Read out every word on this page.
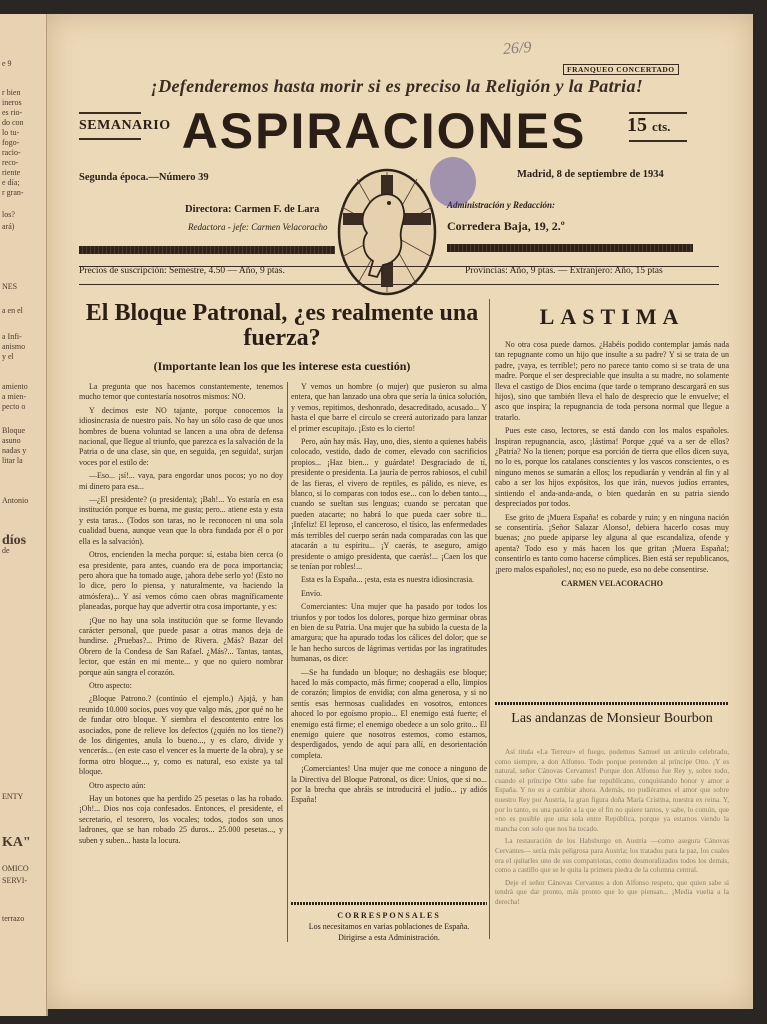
e 9
r bien
ineros
es rio-
do con
lo tu-
fogo-
racio-
reco-
riente
e día;
r gran-
los?
ará)
NES
a en el
a Infi-
anismo
y el
amiento
a mien-
pecto o
Bloque
asuno
nadas y
litar la
Antonio
díos
de
ENTY
KA"
OMICO
SERVI-
terrazo
26/9
FRANQUEO CONCERTADO
¡Defenderemos hasta morir si es preciso la Religión y la Patria!
SEMANARIO ASPIRACIONES	15 cts.
Segunda época.—Número 39	Madrid, 8 de septiembre de 1934
Directora: Carmen F. de Lara
Redactora - jefe: Carmen Velacoracho
Administración y Redacción:
Corredera Baja, 19, 2.º
Precios de suscripción: Semestre, 4.50 — Año, 9 ptas.	Provincias: Año, 9 ptas. — Extranjero: Año, 15 ptas
El Bloque Patronal, ¿es realmente una fuerza?
(Importante lean los que les interese esta cuestión)

La pregunta que nos hacemos constantemente, tenemos mucho temor que contestaría nosotros mismos: NO.

Y decimos este NO tajante, porque conocemos la idiosincrasia de nuestro país. No hay un sólo caso de que unos hombres de buena voluntad se lancen a una obra de defensa nacional, que llegue al triunfo, que parezca es la salvación de la Patria o de una clase, sin que, en seguida, ¡en seguida!, surjan voces por el estilo de:

—Eso... ¡sí!... vaya, para engordar unos pocos; yo no doy mi dinero para esa...

—¿El presidente? (o presidenta); ¡Bah!... Yo estaría en esa institución porque es buena, me gusta; pero... atiene esta y esta y esta taras... (Todos son taras, no le reconocen ni una sola cualidad buena, aunque vean que la obra fundada por él o por ella es la salvación).

Otros, encienden la mecha porque: sí, estaba bien cerca (o esa presidente, para antes, cuando era de poca importancia; pero ahora que ha tomado auge, ¡ahora debe serlo yo! (Esto no lo dice, pero lo piensa, y naturalmente, va haciendo la atmósfera)... Y así vemos cómo caen obras magníficamente planeadas, porque hay que advertir otra cosa importante, y es:

¡Que no hay una sola institución que se forme llevando carácter personal, que puede pasar a otras manos deja de hundirse. ¿Pruebas?... Primo de Rivera. ¿Más? Bazar del Obrero de la Condesa de San Rafael. ¿Más?... Tantas, tantas, lector, que están en mi mente... y que no quiero nombrar porque aún sangra el corazón.

Otro aspecto:

¿Bloque Patrono.? (continúo el ejemplo.) Ajajá, y han reunido 10.000 socios, pues voy que valgo más, ¿por qué no he de fundar otro bloque. Y siembra el descontento entre los asociados, pone de relieve los defectos (¿quién no los tiene?) de los dirigentes, anula lo bueno..., y es claro, divide y vencerás... (en este caso el vencer es la muerte de la obra), y se forma otro bloque..., y, como es natural, eso existe ya tal bloque.

Otro aspecto aún:

Hay un botones que ha perdido 25 pesetas o las ha robado. ¡Oh!... Dios nos coja confesados. Entonces, el presidente, el secretario, el tesorero, los vocales; todos, ¡todos son unos ladrones, que se han robado 25 duros... 25.000 pesetas..., y suben y suben... hasta la locura.

Y vemos un hombre (o mujer) que pusieron su alma entera, que han lanzado una obra que sería la única solución, y vemos, repitimos, deshonrado, desacreditado, acusado... Y hasta el que barre el circulo se creerá autorizado para lanzar el primer escupitajo. ¡Esto es lo cierto!

Pero, aún hay más. Hay, uno, dies, siento a quienes habéis colocado, vestido, dado de comer, elevado con sacrificios propios... ¡Haz bien... y guárdate! Desgraciado de tí, presidente o presidenta. La jauría de perros rabiosos, el cubil de las fieras, el vivero de reptiles, es pálido, es nieve, es blanco, si lo comparas con todos ese... con lo deben tanto..., cuando se sueltan sus lenguas; cuando se percatan que pueden atacarte; no habrá lo que pueda caer sobre ti... ¡Infeliz! El leproso, el canceroso, el tísico, las enfermedades más terribles del cuerpo serán nada comparadas con las que atacarán a tu espíritu... ¡Y caerás, te aseguro, amigo presidente o amigo presidenta, que caerás!... ¡Caen los que se tenían por robles!...

Esta es la España... ¡esta, esta es nuestra idiosincrasia.

Envío.

Comerciantes: Una mujer que ha pasado por todos los triunfos y por todos los dolores, porque hizo germinar obras en bien de su Patria. Una mujer que ha subido la cuesta de la amargura; que ha apurado todas los cálices del dolor; que se le han hecho surcos de lágrimas vertidas por las ingratitudes humanas, os dice:

—Se ha fundado un bloque; no deshagáis ese bloque; haced lo más compacto, más firme; cooperad a ello, limpios de corazón; limpios de envidia; con alma generosa, y si no sentís esas hermosas cualidades en vosotros, entonces ahoced lo por egoísmo propio... El enemigo está fuerte; el enemigo está firme; el enemigo obedece a un solo grito... El enemigo quiere que nosotros estemos, como estamos, desperdigados, yendo de aquí para allí, en desorientación completa.

¡Comerciantes! Una mujer que me conoce a ninguno de la Directiva del Bloque Patronal, os dice: Unios, que si no... por la brecha que abráis se introducirá el judío... ¡y adiós España!

CORRESPONSALES
Los necesitamos en varias poblaciones de España.
Dirigirse a esta Administración.
LASTIMA

No otra cosa puede darnos. ¿Habéis podido contemplar jamás nada tan repugnante como un hijo que insulte a su padre? Y si se trata de un padre, ¡vaya, es terrible!; pero no parece tanto como si se trata de una madre. Porque el ser despreciable que insulta a su madre, no solamente lleva el castigo de Dios encima (que tarde o temprano descargará en sus hijos), sino que también lleva el halo de desprecio que le envuelve; el asco que inspira; la repugnancia de toda persona normal que llegue a tratarlo.

Pues este caso, lectores, se está dando con los malos españoles. Inspiran repugnancia, asco, ¡lástima! Porque ¿qué va a ser de ellos? ¿Patria? No la tienen; porque esa porción de tierra que ellos dicen suya, no lo es, porque los catalanes conscientes y los vascos conscientes, o es ninguno menos se sumarán a ellos; los repudiarán y vendrán al fin y al cabo a ser los hijos expósitos, los que irán, nuevos judíos errantes, sintiendo el anda-anda-anda, o bien quedarán en su patria siendo despreciados por todos.

Ese grito de ¡Muera España! es cobarde y ruin; y en ninguna nación se consentiría. ¡Señor Salazar Alonso!, debiera hacerlo cosas muy buenas; ¿no puede apiparse ley alguna al que escandaliza, ofende y apenta? Todo eso y más hacen los que gritan ¡Muera España!; consentirlo es tanto como hacerse cómplices. Bien está ser republicanos, ¡pero malos españoles!, no; eso no puede, eso no debe consentirse.

CARMEN VELACORACHO

Las andanzas de Monsieur Bourbon

Así titula «La Terreur» el fuego, podemos Samuel un artículo celebrado, como siempre, a don Alfonso. Todo porque pretenden al príncipe Otto. ¡Y es natural, señor Cánovas Cervantes! Porque don Alfonso fue Rey y, sobre todo, cuando el príncipe Otto sabe fue republicano, conquistando honor y amor a España. Y no es a cambiar ahora. Además, no pudiéramos el amor que sobre nuestro Rey por Austria, la gran figura doña María Cristina, nuestra ex reina. Y, por lo tanto, es una pasión a la que el fin no quiere tantos, y sabe, lo común, que «no es posible que una sola entre República, porque ya estamos viendo la mancha con solo que nos ha tocado.

La restauración de los Habsburgo en Austria —como asegura Cánovas Cervantes— sería más peligrosa para Austria; los tratados para la paz, los cuales era el quitarles uno de sus compatriotas, como desmoralizados todos los demás, como a castillo que se le quita la primera piedra de la columna central.

Deje el señor Cánovas Cervantes a don Alfonso respeto, que quien sabe si tendrá que dar pronto, más pronto que lo que piensan... ¡Media vuelta a la derecha!
